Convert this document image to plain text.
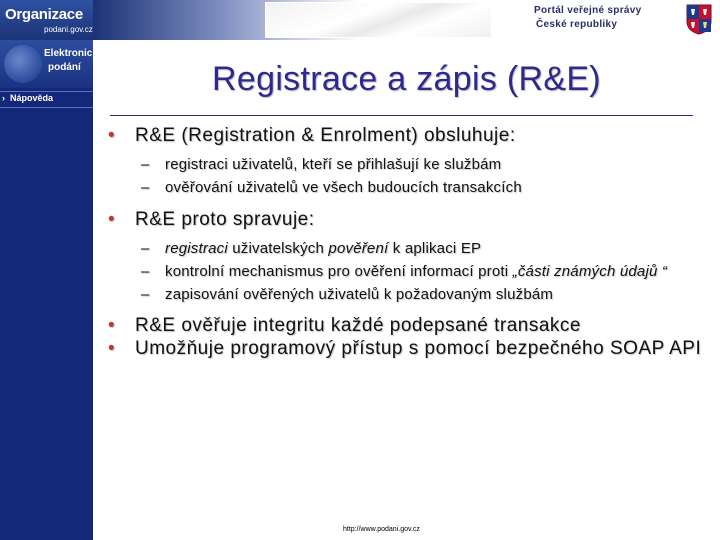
Organizace
podani.gov.cz
Portál veřejné správy
České republiky
Elektronická
podání
› Nápověda	Registrace a zápis (R&E)
• R&E (Registration & Enrolment) obsluhuje:
– registraci uživatelů, kteří se přihlašují ke službám
– ověřování uživatelů ve všech budoucích transakcích
• R&E proto spravuje:
– registraci uživatelských pověření k aplikaci EP
– kontrolní mechanismus pro ověření informací proti „části známých údajů “
– zapisování ověřených uživatelů k požadovaným službám
• R&E ověřuje integritu každé podepsané transakce
• Umožňuje programový přístup s pomocí bezpečného SOAP API
http://www.podani.gov.cz
